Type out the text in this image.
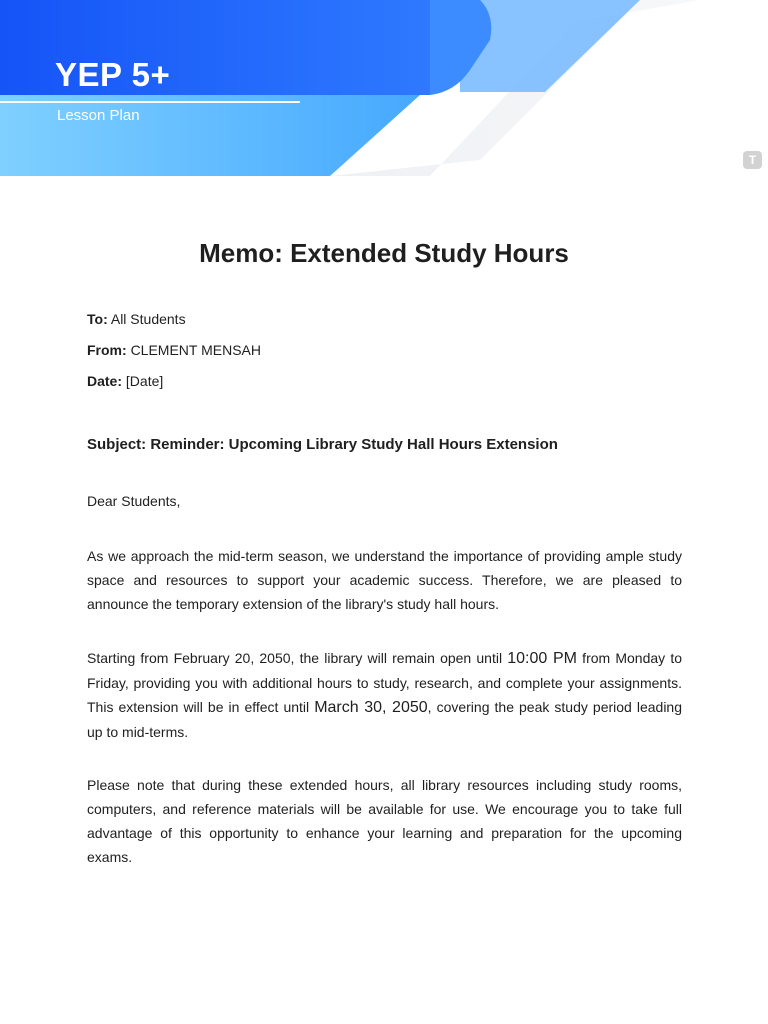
YEP 5+
Lesson Plan
T
Memo: Extended Study Hours
To: All Students
From: CLEMENT MENSAH
Date: [Date]
Subject: Reminder: Upcoming Library Study Hall Hours Extension
Dear Students,
As we approach the mid-term season, we understand the importance of providing ample study space and resources to support your academic success. Therefore, we are pleased to announce the temporary extension of the library's study hall hours.
Starting from February 20, 2050, the library will remain open until 10:00 PM from Monday to Friday, providing you with additional hours to study, research, and complete your assignments. This extension will be in effect until March 30, 2050, covering the peak study period leading up to mid-terms.
Please note that during these extended hours, all library resources including study rooms, computers, and reference materials will be available for use. We encourage you to take full advantage of this opportunity to enhance your learning and preparation for the upcoming exams.
